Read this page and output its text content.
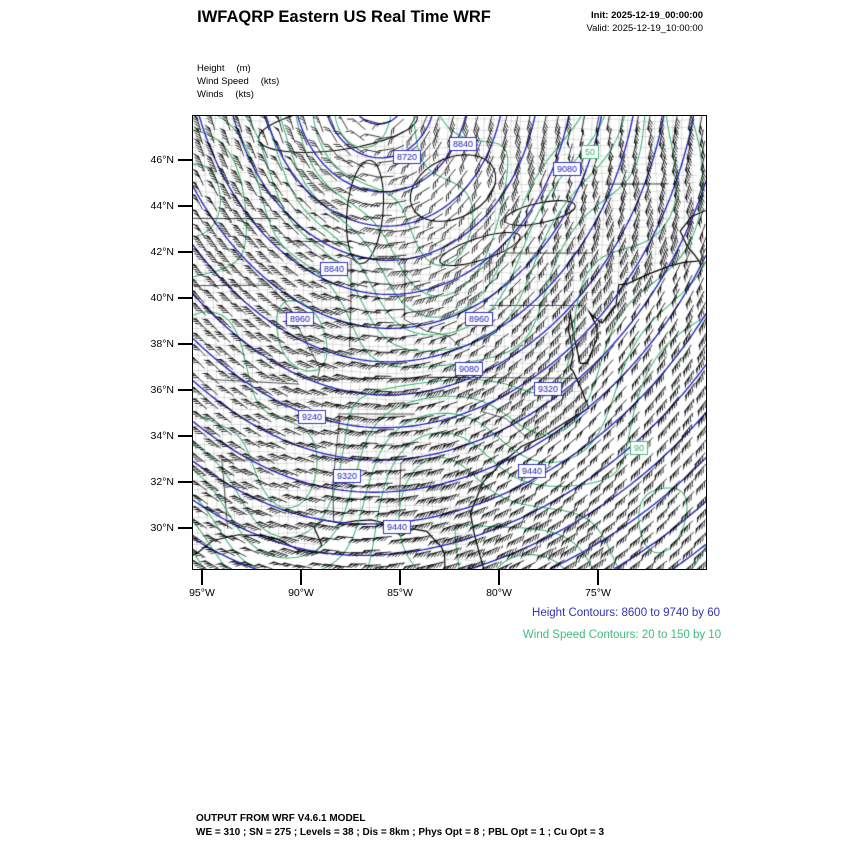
IWFAQRP Eastern US Real Time WRF	Init: 2025-12-19_00:00:00
Valid: 2025-12-19_10:00:00
Height (m)
Wind Speed (kts)
Winds (kts)
46°N
44°N
42°N
40°N
38°N
36°N
34°N
32°N
30°N
95°W	90°W	85°W	80°W	75°W
Height Contours: 8600 to 9740 by 60
Wind Speed Contours: 20 to 150 by 10
OUTPUT FROM WRF V4.6.1 MODEL
WE = 310 ; SN = 275 ; Levels = 38 ; Dis = 8km ; Phys Opt = 8 ; PBL Opt = 1 ; Cu Opt = 3
